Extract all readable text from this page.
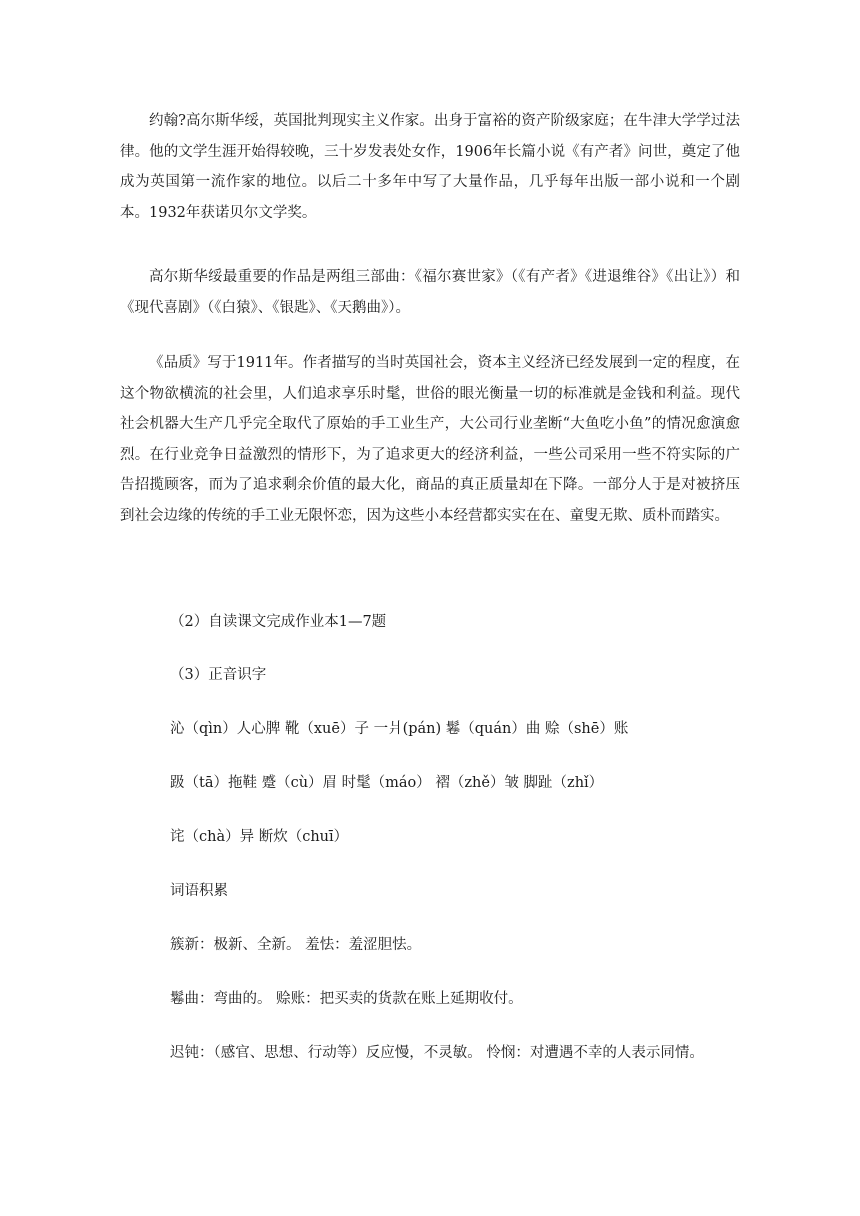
约翰?高尔斯华绥，英国批判现实主义作家。出身于富裕的资产阶级家庭；在牛津大学学过法律。他的文学生涯开始得较晚，三十岁发表处女作，1906年长篇小说《有产者》问世，奠定了他成为英国第一流作家的地位。以后二十多年中写了大量作品，几乎每年出版一部小说和一个剧本。1932年获诺贝尔文学奖。

高尔斯华绥最重要的作品是两组三部曲：《福尔赛世家》（《有产者》《进退维谷》《出让》）和《现代喜剧》（《白猿》、《银匙》、《天鹅曲》）。

《品质》写于1911年。作者描写的当时英国社会，资本主义经济已经发展到一定的程度，在这个物欲横流的社会里，人们追求享乐时髦，世俗的眼光衡量一切的标准就是金钱和利益。现代社会机器大生产几乎完全取代了原始的手工业生产，大公司行业垄断“大鱼吃小鱼”的情况愈演愈烈。在行业竞争日益激烈的情形下，为了追求更大的经济利益，一些公司采用一些不符实际的广告招揽顾客，而为了追求剩余价值的最大化，商品的真正质量却在下降。一部分人于是对被挤压到社会边缘的传统的手工业无限怀恋，因为这些小本经营都实实在在、童叟无欺、质朴而踏实。

（2）自读课文完成作业本1—7题

（3）正音识字

沁（qìn）人心脾 靴（xuē）子 一爿(pán) 鬈（quán）曲 赊（shē）账

趿（tā）拖鞋 蹙（cù）眉 时髦（máo） 褶（zhě）皱 脚趾（zhǐ）

诧（chà）异 断炊（chuī）

词语积累

簇新：极新、全新。 羞怯：羞涩胆怯。

鬈曲：弯曲的。 赊账：把买卖的货款在账上延期收付。

迟钝：（感官、思想、行动等）反应慢，不灵敏。 怜悯：对遭遇不幸的人表示同情。
